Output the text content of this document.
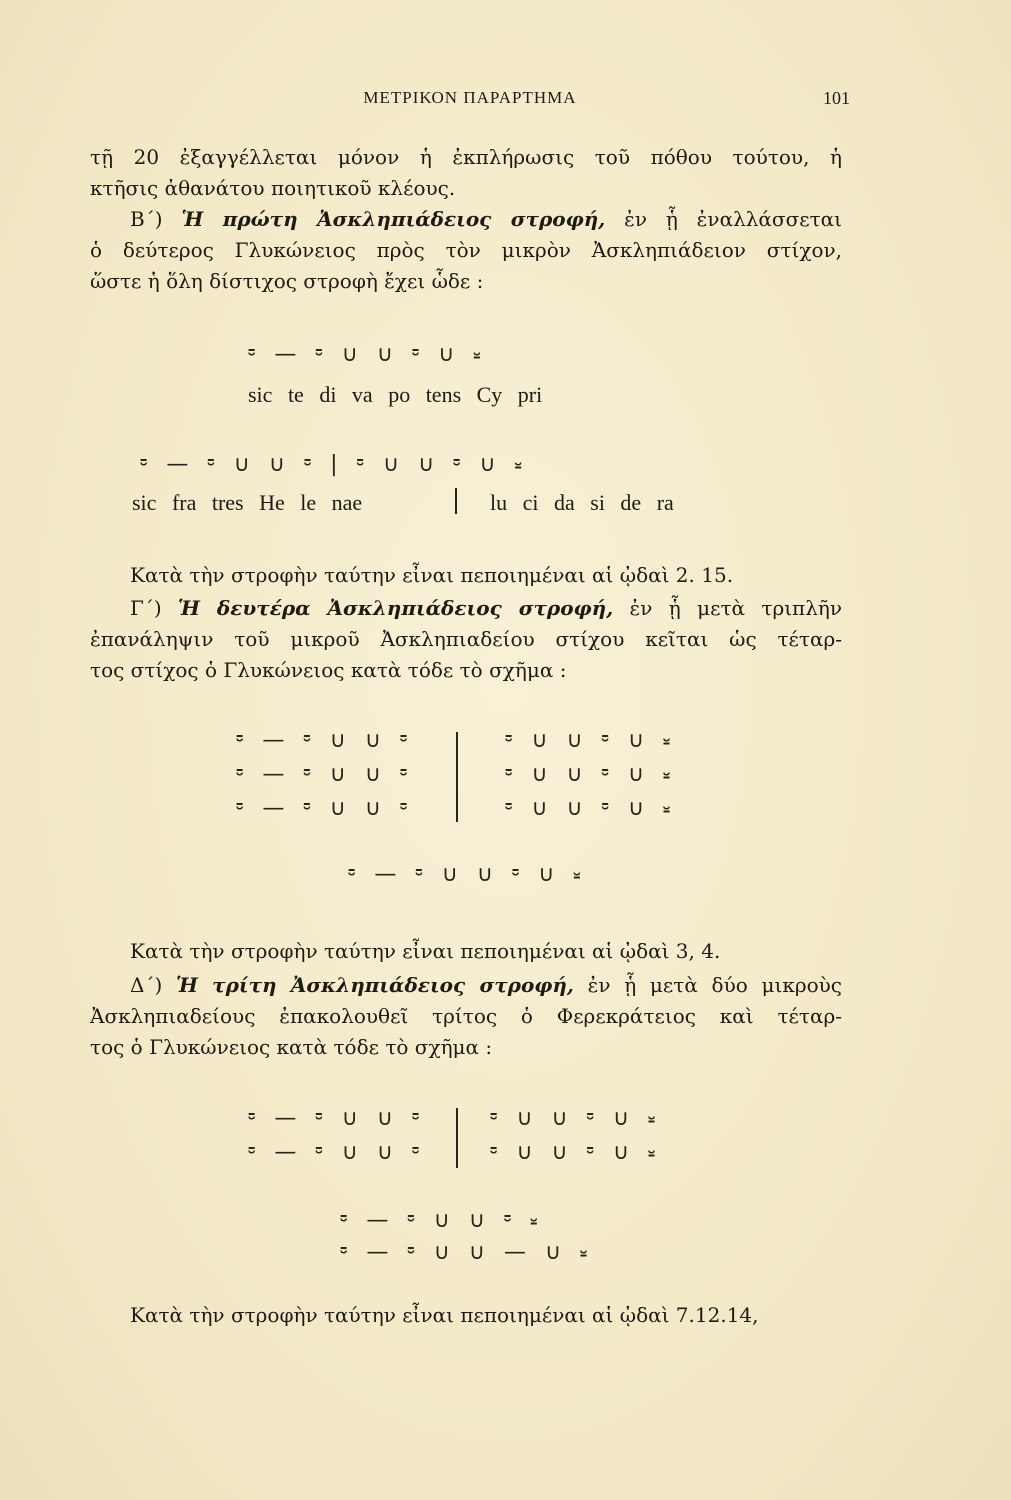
ΜΕΤΡΙΚΟΝ ΠΑΡΑΡΤΗΜΑ	101

τῇ 20 ἐξαγγέλλεται μόνον ἡ ἐκπλήρωσις τοῦ πόθου τούτου, ἡ

κτῆσις ἀθανάτου ποιητικοῦ κλέους.

Β΄) Ἡ πρώτη Ἀσκληπιάδειος στροφή, ἐν ᾗ ἐναλλάσσεται

ὁ δεύτερος Γλυκώνειος πρὸς τὸν μικρὸν Ἀσκληπιάδειον στίχον,

ὥστε ἡ ὅλη δίστιχος στροφὴ ἔχει ὧδε :

⏒ — ⏒ ∪ ∪ ⏒ ∪ ⏓
sic te di va po tens Cy pri
⏒ — ⏒ ∪ ∪ ⏒ | ⏒ ∪ ∪ ⏒ ∪ ⏓
sic fra tres He le nae	lu ci da si de ra

Κατὰ τὴν στροφὴν ταύτην εἶναι πεποιημέναι αἱ ᾠδαὶ 2. 15.

Γ΄) Ἡ δευτέρα Ἀσκληπιάδειος στροφή, ἐν ᾗ μετὰ τριπλῆν

ἐπανάληψιν τοῦ μικροῦ Ἀσκληπιαδείου στίχου κεῖται ὡς τέταρ-

τος στίχος ὁ Γλυκώνειος κατὰ τόδε τὸ σχῆμα :

⏒ — ⏒ ∪ ∪ ⏒
⏒ — ⏒ ∪ ∪ ⏒
⏒ — ⏒ ∪ ∪ ⏒
⏒ ∪ ∪ ⏒ ∪ ⏓
⏒ ∪ ∪ ⏒ ∪ ⏓
⏒ ∪ ∪ ⏒ ∪ ⏓
⏒ — ⏒ ∪ ∪ ⏒ ∪ ⏓

Κατὰ τὴν στροφὴν ταύτην εἶναι πεποιημέναι αἱ ᾠδαὶ 3, 4.

Δ΄) Ἡ τρίτη Ἀσκληπιάδειος στροφή, ἐν ᾗ μετὰ δύο μικροὺς

Ἀσκληπιαδείους ἐπακολουθεῖ τρίτος ὁ Φερεκράτειος καὶ τέταρ-

τος ὁ Γλυκώνειος κατὰ τόδε τὸ σχῆμα :

⏒ — ⏒ ∪ ∪ ⏒
⏒ — ⏒ ∪ ∪ ⏒
⏒ ∪ ∪ ⏒ ∪ ⏓
⏒ ∪ ∪ ⏒ ∪ ⏓
⏒ — ⏒ ∪ ∪ ⏒ ⏓
⏒ — ⏒ ∪ ∪ — ∪ ⏓

Κατὰ τὴν στροφὴν ταύτην εἶναι πεποιημέναι αἱ ᾠδαὶ 7.12.14,
